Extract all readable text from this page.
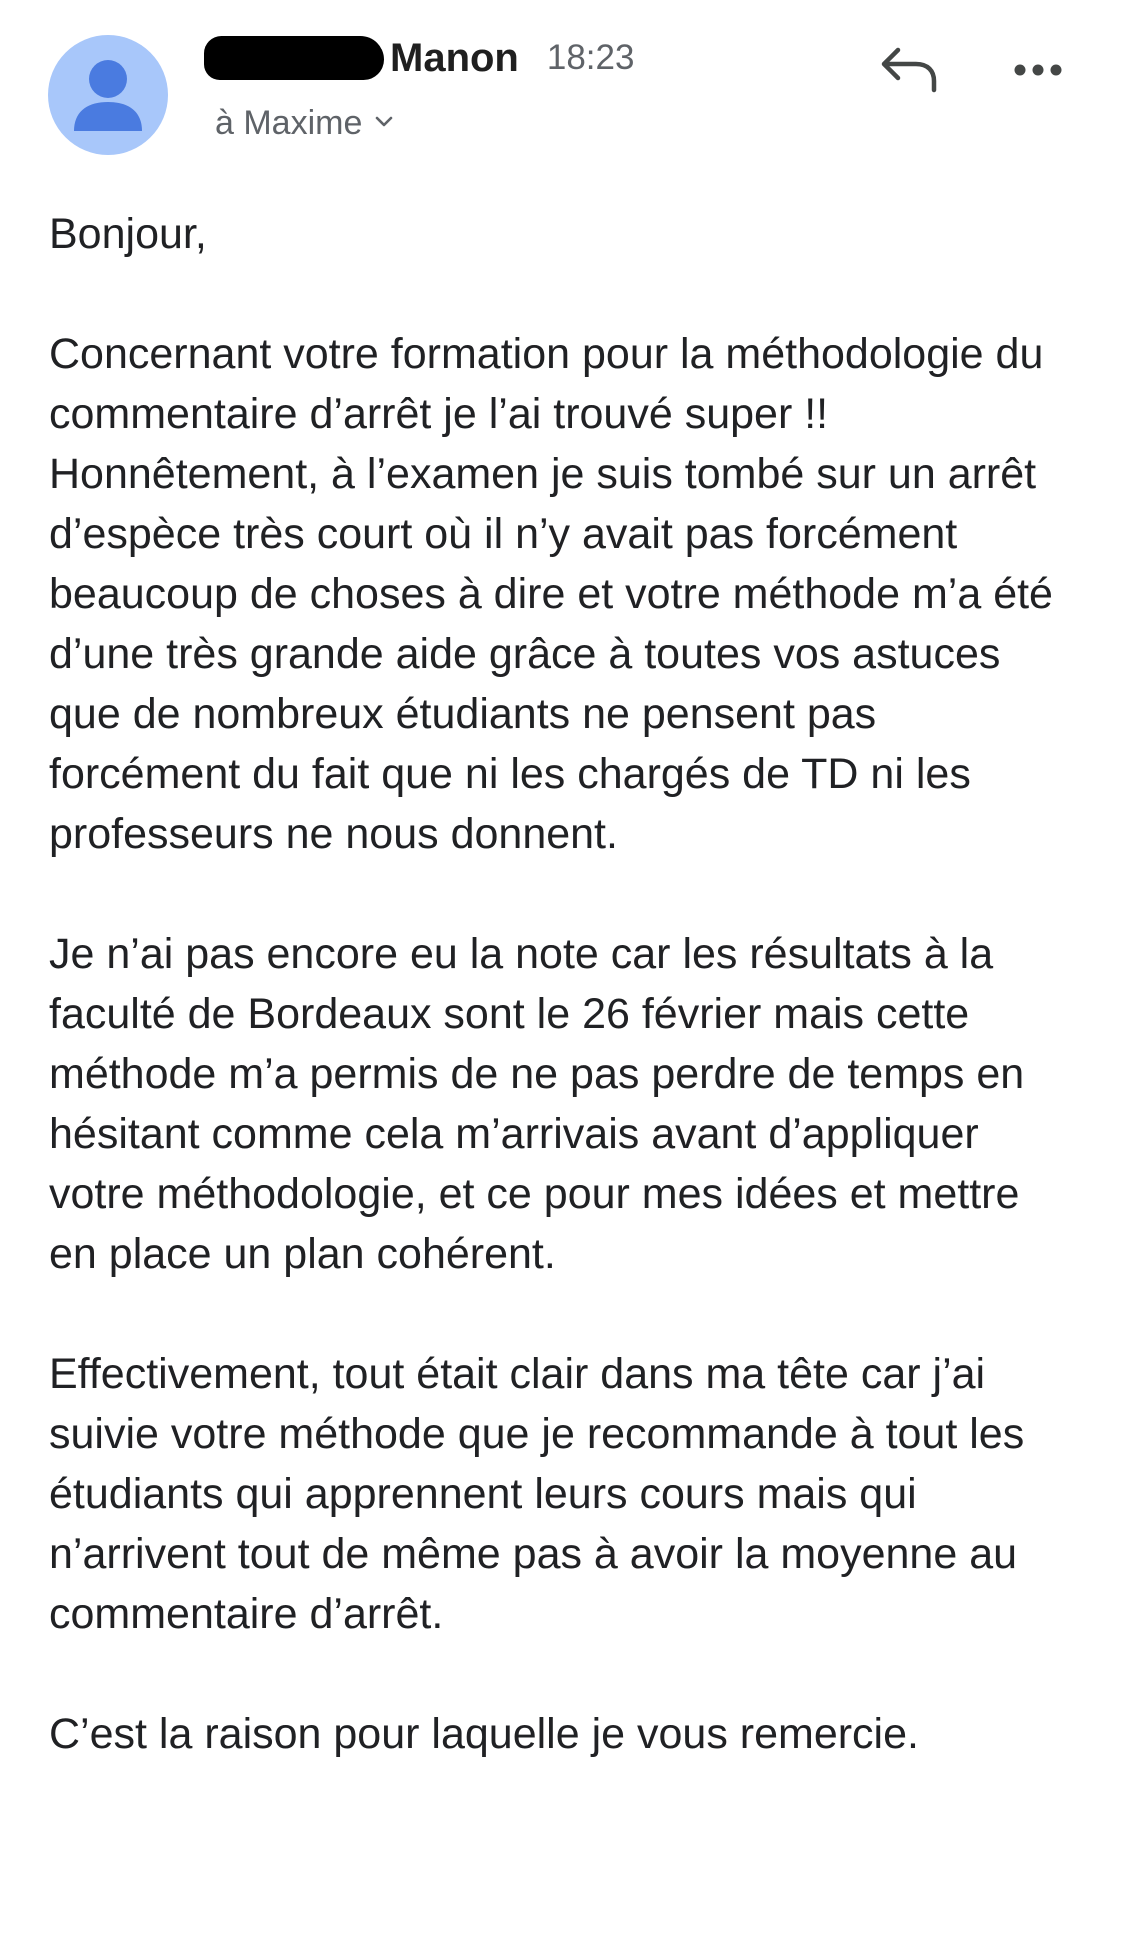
Manon 18:23
à Maxime

Bonjour,

Concernant votre formation pour la méthodologie du commentaire d’arrêt je l’ai trouvé super !!
Honnêtement, à l’examen je suis tombé sur un arrêt d’espèce très court où il n’y avait pas forcément beaucoup de choses à dire et votre méthode m’a été d’une très grande aide grâce à toutes vos astuces que de nombreux étudiants ne pensent pas forcément du fait que ni les chargés de TD ni les professeurs ne nous donnent.

Je n’ai pas encore eu la note car les résultats à la faculté de Bordeaux sont le 26 février mais cette méthode m’a permis de ne pas perdre de temps en hésitant comme cela m’arrivais avant d’appliquer votre méthodologie, et ce pour mes idées et mettre en place un plan cohérent.

Effectivement, tout était clair dans ma tête car j’ai suivie votre méthode que je recommande à tout les étudiants qui apprennent leurs cours mais qui n’arrivent tout de même pas à avoir la moyenne au commentaire d’arrêt.

C’est la raison pour laquelle je vous remercie.
